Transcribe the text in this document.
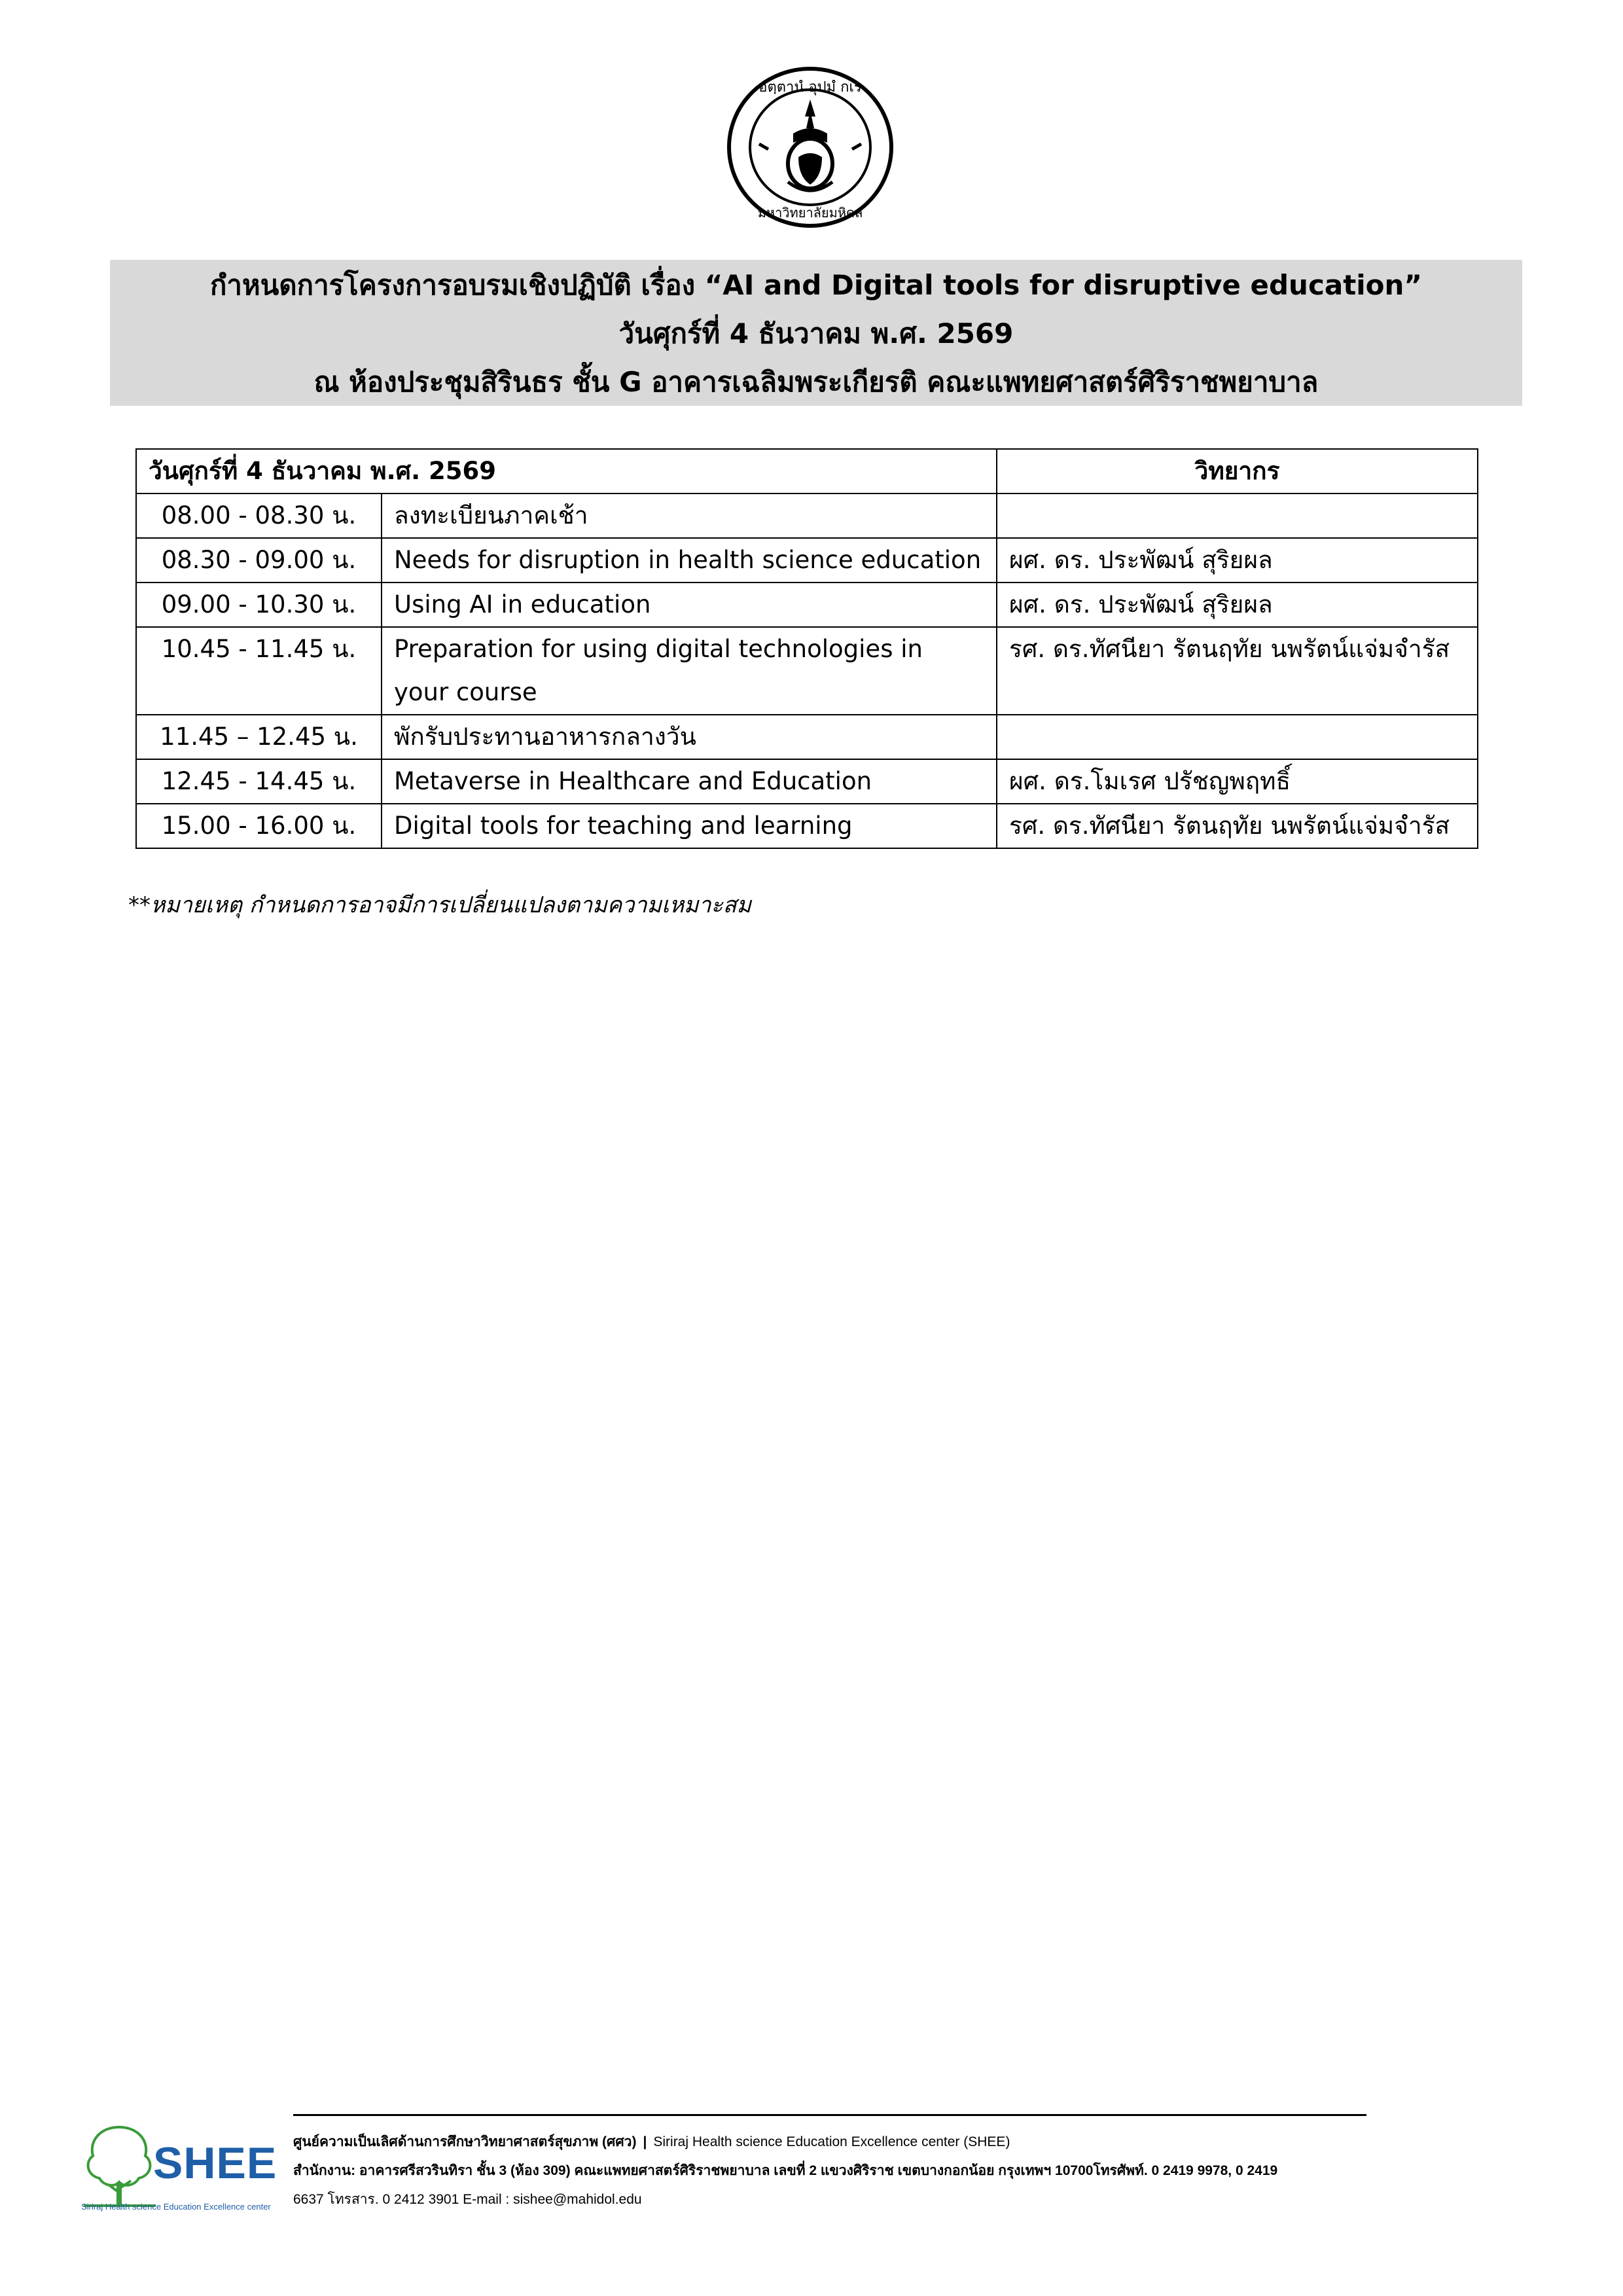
อตฺตานํ อุปมํ กเร
มหาวิทยาลัยมหิดล
กำหนดการโครงการอบรมเชิงปฏิบัติ เรื่อง “AI and Digital tools for disruptive education”
วันศุกร์ที่ 4 ธันวาคม พ.ศ. 2569
ณ ห้องประชุมสิรินธร ชั้น G อาคารเฉลิมพระเกียรติ คณะแพทยศาสตร์ศิริราชพยาบาล
วันศุกร์ที่ 4 ธันวาคม พ.ศ. 2569		วิทยากร
08.00 - 08.30 น.	ลงทะเบียนภาคเช้า	
08.30 - 09.00 น.	Needs for disruption in health science education	ผศ. ดร. ประพัฒน์ สุริยผล
09.00 - 10.30 น.	Using AI in education	ผศ. ดร. ประพัฒน์ สุริยผล
10.45 - 11.45 น.	Preparation for using digital technologies in your course	รศ. ดร.ทัศนียา รัตนฤทัย นพรัตน์แจ่มจำรัส
11.45 – 12.45 น.	พักรับประทานอาหารกลางวัน	
12.45 - 14.45 น.	Metaverse in Healthcare and Education	ผศ. ดร.โมเรศ ปรัชญพฤทธิ์
15.00 - 16.00 น.	Digital tools for teaching and learning	รศ. ดร.ทัศนียา รัตนฤทัย นพรัตน์แจ่มจำรัส
**หมายเหตุ กำหนดการอาจมีการเปลี่ยนแปลงตามความเหมาะสม
SHEE
Siriraj Health science Education Excellence center
ศูนย์ความเป็นเลิศด้านการศึกษาวิทยาศาสตร์สุขภาพ (ศศว) | Siriraj Health science Education Excellence center (SHEE)
สำนักงาน: อาคารศรีสวรินทิรา ชั้น 3 (ห้อง 309) คณะแพทยศาสตร์ศิริราชพยาบาล เลขที่ 2 แขวงศิริราช เขตบางกอกน้อย กรุงเทพฯ 10700โทรศัพท์. 0 2419 9978, 0 2419
6637 โทรสาร. 0 2412 3901 E-mail : sishee@mahidol.edu
